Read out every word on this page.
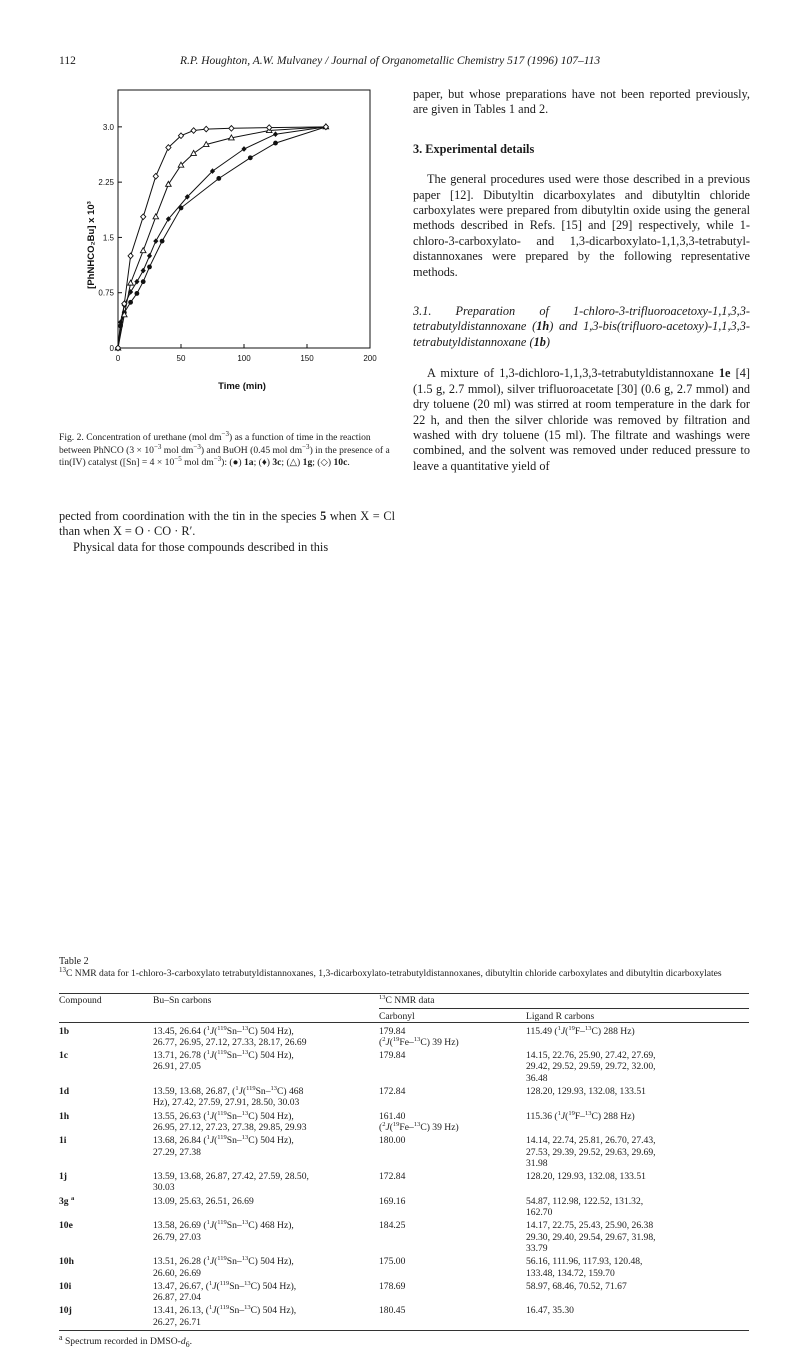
112	R.P. Houghton, A.W. Mulvaney / Journal of Organometallic Chemistry 517 (1996) 107–113
0	50	100	150	200
0
0.75
1.5
2.25
3.0
[PhNHCO₂Bu] x 10³
Time (min)
Fig. 2. Concentration of urethane (mol $dm^{-3}$) as a function of time in the reaction between PhNCO ($3 \times 10^{-3}$ mol $dm^{-3}$) and BuOH (0.45 mol $dm^{-3}$) in the presence of a tin(IV) catalyst ($[Sn] = 4 \times 10^{-5}$ mol $dm^{-3}$): (●) 1a; (♦) 3c; (△) 1g; (◇) 10c.

pected from coordination with the tin in the species 5 when X = Cl than when X = O · CO · R′.

Physical data for those compounds described in this

paper, but whose preparations have not been reported previously, are given in Tables 1 and 2.

3. Experimental details

The general procedures used were those described in a previous paper [12]. Dibutyltin dicarboxylates and dibutyltin chloride carboxylates were prepared from dibutyltin oxide using the general methods described in Refs. [15] and [29] respectively, while 1-chloro-3-carboxylato- and 1,3-dicarboxylato-1,1,3,3-tetrabutyl-distannoxanes were prepared by the following representative methods.

3.1. Preparation of 1-chloro-3-trifluoroacetoxy-1,1,3,3-tetrabutyldistannoxane (1h) and 1,3-bis(trifluoro-acetoxy)-1,1,3,3-tetrabutyldistannoxane (1b)

A mixture of 1,3-dichloro-1,1,3,3-tetrabutyldistannoxane 1e [4] (1.5 g, 2.7 mmol), silver trifluoroacetate [30] (0.6 g, 2.7 mmol) and dry toluene (20 ml) was stirred at room temperature in the dark for 22 h, and then the silver chloride was removed by filtration and washed with dry toluene (15 ml). The filtrate and washings were combined, and the solvent was removed under reduced pressure to leave a quantitative yield of

Table 2
$^{13}$C NMR data for 1-chloro-3-carboxylato tetrabutyldistannoxanes, 1,3-dicarboxylato-tetrabutyldistannoxanes, dibutyltin chloride carboxylates and dibutyltin dicarboxylates
Compound	Bu–Sn carbons	$^{13}$C NMR data	
		Carbonyl	Ligand R carbons
1b	13.45, 26.64 ($^1$J($^{119}$Sn–$^{13}$C) 504 Hz),
26.77, 26.95, 27.12, 27.33, 28.17, 26.69	179.84
($^2$J($^{19}$Fe–$^{13}$C) 39 Hz)	115.49 ($^1$J($^{19}$F–$^{13}$C) 288 Hz)
1c	13.71, 26.78 ($^1$J($^{119}$Sn–$^{13}$C) 504 Hz),
26.91, 27.05	179.84	14.15, 22.76, 25.90, 27.42, 27.69,
29.42, 29.52, 29.59, 29.72, 32.00,
36.48
1d	13.59, 13.68, 26.87, ($^1$J($^{119}$Sn–$^{13}$C) 468
Hz), 27.42, 27.59, 27.91, 28.50, 30.03	172.84	128.20, 129.93, 132.08, 133.51
1h	13.55, 26.63 ($^1$J($^{119}$Sn–$^{13}$C) 504 Hz),
26.95, 27.12, 27.23, 27.38, 29.85, 29.93	161.40
($^2$J($^{19}$Fe–$^{13}$C) 39 Hz)	115.36 ($^1$J($^{19}$F–$^{13}$C) 288 Hz)
1i	13.68, 26.84 ($^1$J($^{119}$Sn–$^{13}$C) 504 Hz),
27.29, 27.38	180.00	14.14, 22.74, 25.81, 26.70, 27.43,
27.53, 29.39, 29.52, 29.63, 29.69,
31.98
1j	13.59, 13.68, 26.87, 27.42, 27.59, 28.50,
30.03	172.84	128.20, 129.93, 132.08, 133.51
3g $^a$	13.09, 25.63, 26.51, 26.69	169.16	54.87, 112.98, 122.52, 131.32,
162.70
10e	13.58, 26.69 ($^1$J($^{119}$Sn–$^{13}$C) 468 Hz),
26.79, 27.03	184.25	14.17, 22.75, 25.43, 25.90, 26.38
29.30, 29.40, 29.54, 29.67, 31.98,
33.79
10h	13.51, 26.28 ($^1$J($^{119}$Sn–$^{13}$C) 504 Hz),
26.60, 26.69	175.00	56.16, 111.96, 117.93, 120.48,
133.48, 134.72, 159.70
10i	13.47, 26.67, ($^1$J($^{119}$Sn–$^{13}$C) 504 Hz),
26.87, 27.04	178.69	58.97, 68.46, 70.52, 71.67
10j	13.41, 26.13, ($^1$J($^{119}$Sn–$^{13}$C) 504 Hz),
26.27, 26.71	180.45	16.47, 35.30
$^a$ Spectrum recorded in DMSO-$d_6$.
